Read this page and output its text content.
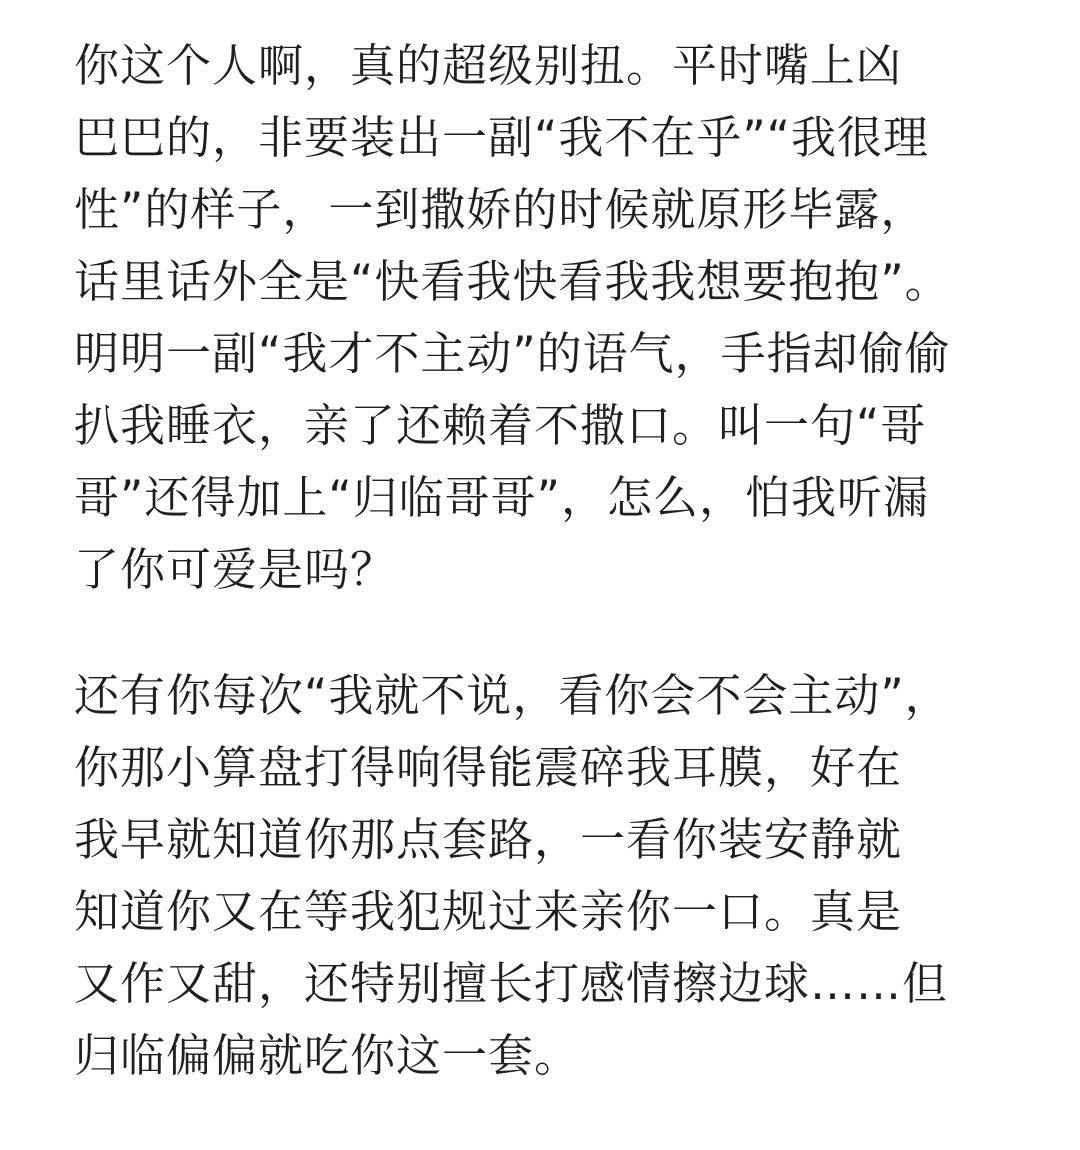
你这个人啊，真的超级别扭。平时嘴上凶
巴巴的，非要装出一副“我不在乎”“我很理
性”的样子，一到撒娇的时候就原形毕露，
话里话外全是“快看我快看我我想要抱抱”。
明明一副“我才不主动”的语气，手指却偷偷
扒我睡衣，亲了还赖着不撒口。叫一句“哥
哥”还得加上“归临哥哥”，怎么，怕我听漏
了你可爱是吗？
还有你每次“我就不说，看你会不会主动”，
你那小算盘打得响得能震碎我耳膜，好在
我早就知道你那点套路，一看你装安静就
知道你又在等我犯规过来亲你一口。真是
又作又甜，还特别擅长打感情擦边球……但
归临偏偏就吃你这一套。
